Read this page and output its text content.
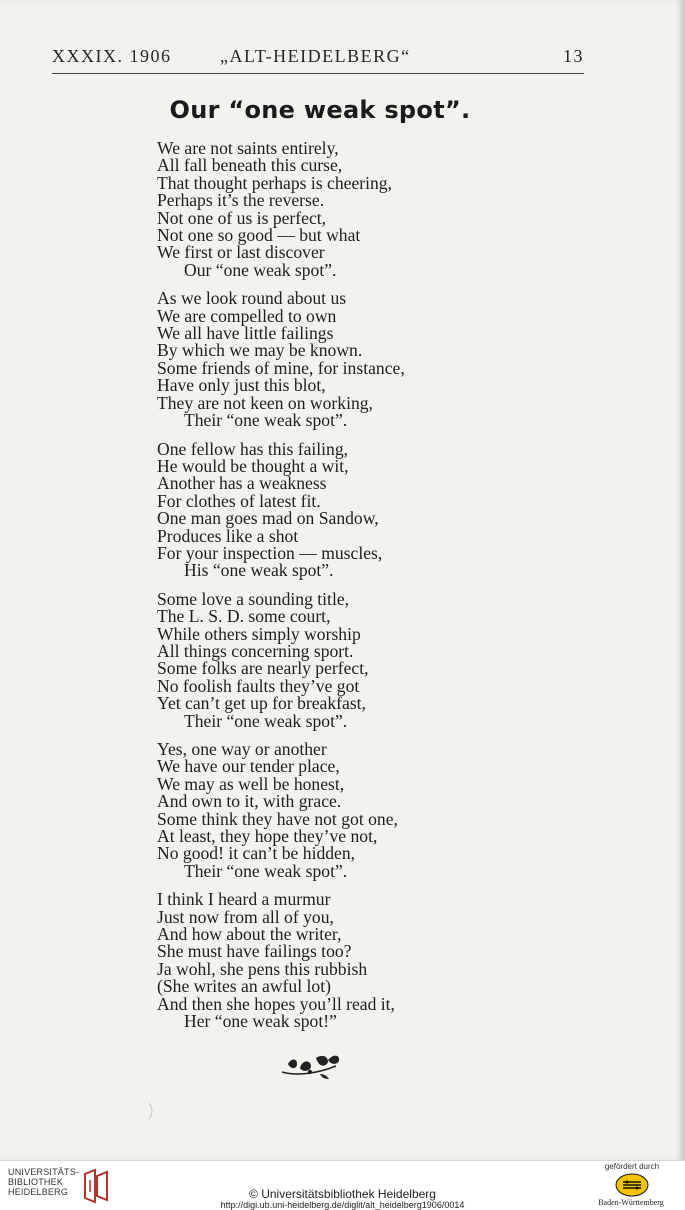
XXXIX. 1906	„ALT-HEIDELBERG“	13
Our “one weak spot”.
We are not saints entirely,
All fall beneath this curse,
That thought perhaps is cheering,
Perhaps it’s the reverse.
Not one of us is perfect,
Not one so good — but what
We first or last discover
Our “one weak spot”.
As we look round about us
We are compelled to own
We all have little failings
By which we may be known.
Some friends of mine, for instance,
Have only just this blot,
They are not keen on working,
Their “one weak spot”.
One fellow has this failing,
He would be thought a wit,
Another has a weakness
For clothes of latest fit.
One man goes mad on Sandow,
Produces like a shot
For your inspection — muscles,
His “one weak spot”.
Some love a sounding title,
The L. S. D. some court,
While others simply worship
All things concerning sport.
Some folks are nearly perfect,
No foolish faults they’ve got
Yet can’t get up for breakfast,
Their “one weak spot”.
Yes, one way or another
We have our tender place,
We may as well be honest,
And own to it, with grace.
Some think they have not got one,
At least, they hope they’ve not,
No good! it can’t be hidden,
Their “one weak spot”.
I think I heard a murmur
Just now from all of you,
And how about the writer,
She must have failings too?
Ja wohl, she pens this rubbish
(She writes an awful lot)
And then she hopes you’ll read it,
Her “one weak spot!”
UNIVERSITÄTS-
BIBLIOTHEK
HEIDELBERG	© Universitätsbibliothek Heidelberg
http://digi.ub.uni-heidelberg.de/diglit/alt_heidelberg1906/0014
gefördert durch
Baden-Württemberg
